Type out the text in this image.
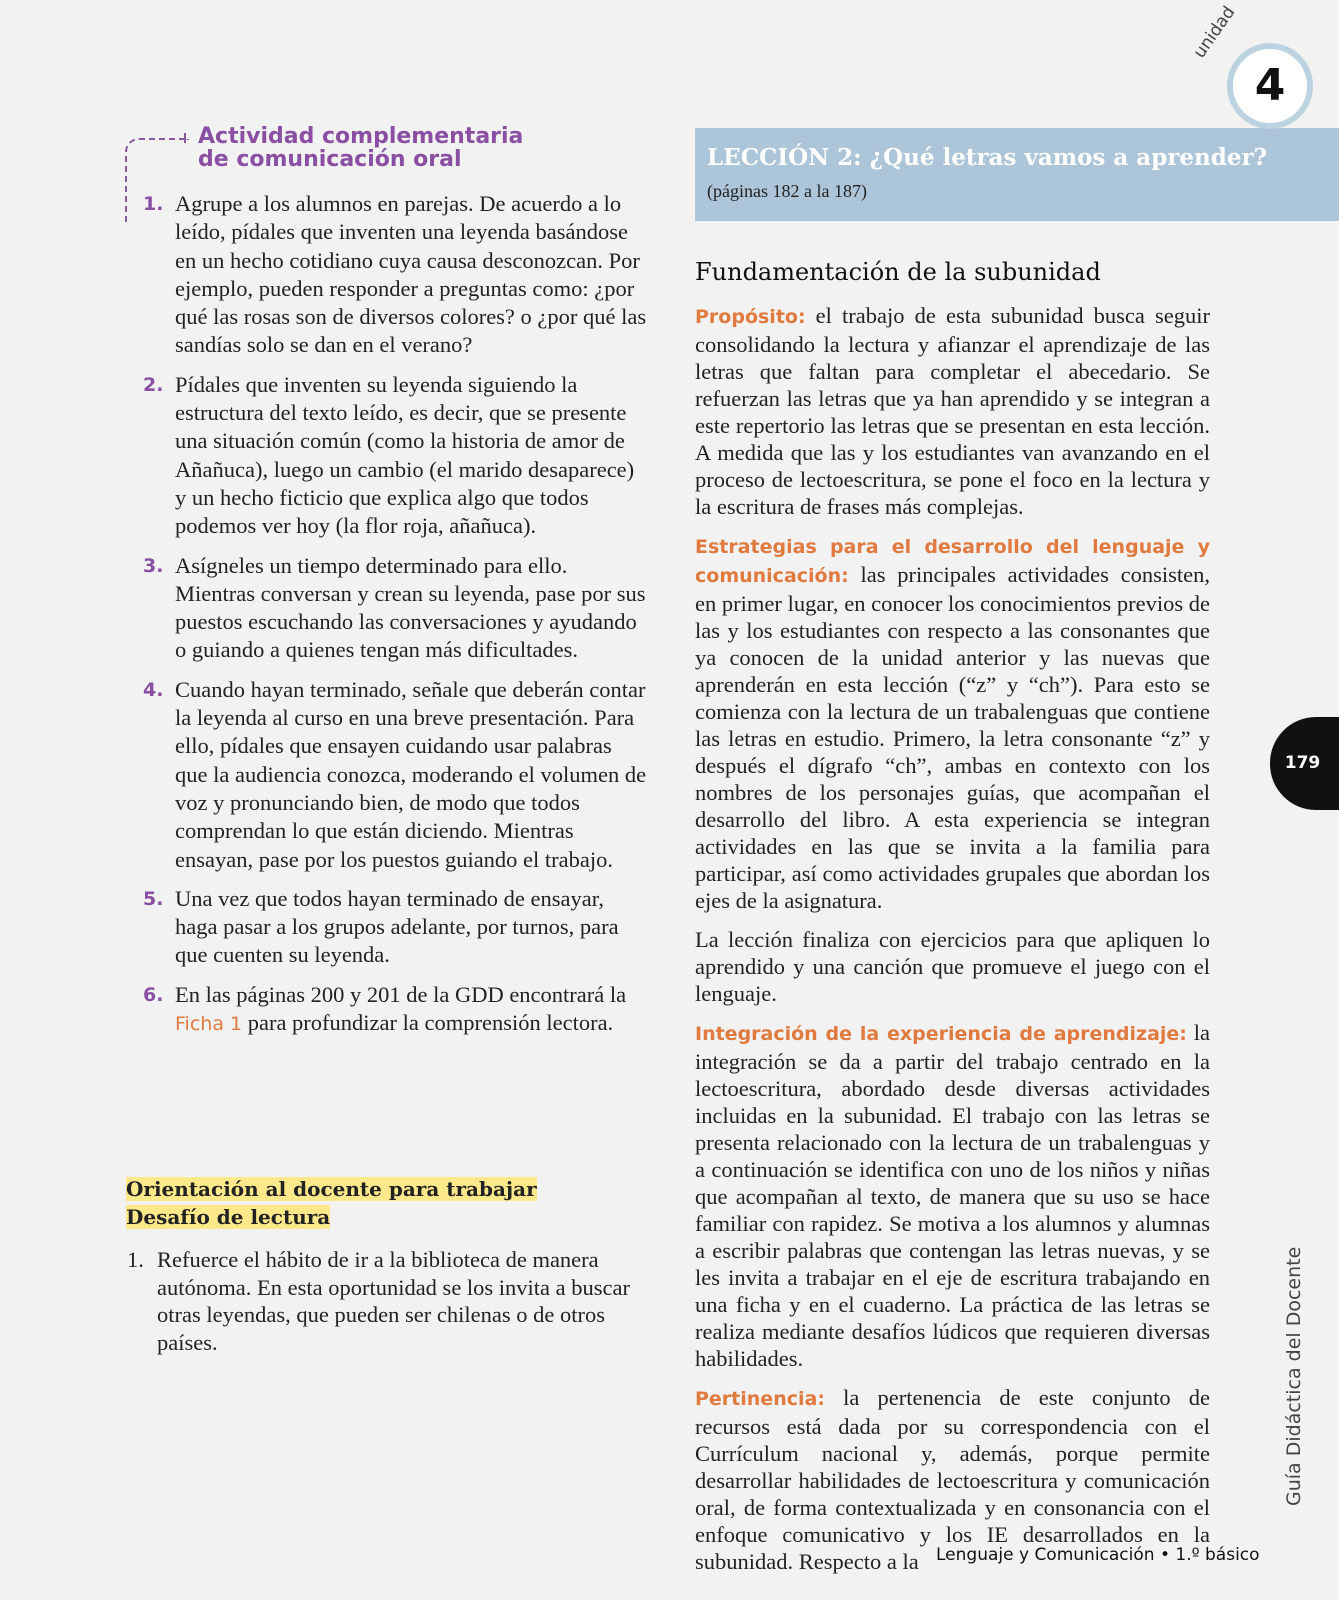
Actividad complementaria de comunicación oral
1. Agrupe a los alumnos en parejas. De acuerdo a lo leído, pídales que inventen una leyenda basándose en un hecho cotidiano cuya causa desconozcan. Por ejemplo, pueden responder a preguntas como: ¿por qué las rosas son de diversos colores? o ¿por qué las sandías solo se dan en el verano?
2. Pídales que inventen su leyenda siguiendo la estructura del texto leído, es decir, que se presente una situación común (como la historia de amor de Añañuca), luego un cambio (el marido desaparece) y un hecho ficticio que explica algo que todos podemos ver hoy (la flor roja, añañuca).
3. Asígneles un tiempo determinado para ello. Mientras conversan y crean su leyenda, pase por sus puestos escuchando las conversaciones y ayudando o guiando a quienes tengan más dificultades.
4. Cuando hayan terminado, señale que deberán contar la leyenda al curso en una breve presentación. Para ello, pídales que ensayen cuidando usar palabras que la audiencia conozca, moderando el volumen de voz y pronunciando bien, de modo que todos comprendan lo que están diciendo. Mientras ensayan, pase por los puestos guiando el trabajo.
5. Una vez que todos hayan terminado de ensayar, haga pasar a los grupos adelante, por turnos, para que cuenten su leyenda.
6. En las páginas 200 y 201 de la GDD encontrará la Ficha 1 para profundizar la comprensión lectora.
Orientación al docente para trabajar Desafío de lectura
1. Refuerce el hábito de ir a la biblioteca de manera autónoma. En esta oportunidad se los invita a buscar otras leyendas, que pueden ser chilenas o de otros países.
LECCIÓN 2: ¿Qué letras vamos a aprender?
(páginas 182 a la 187)
Fundamentación de la subunidad

Propósito: el trabajo de esta subunidad busca seguir consolidando la lectura y afianzar el aprendizaje de las letras que faltan para completar el abecedario. Se refuerzan las letras que ya han aprendido y se integran a este repertorio las letras que se presentan en esta lección. A medida que las y los estudiantes van avanzando en el proceso de lectoescritura, se pone el foco en la lectura y la escritura de frases más complejas.

Estrategias para el desarrollo del lenguaje y comunicación: las principales actividades consisten, en primer lugar, en conocer los conocimientos previos de las y los estudiantes con respecto a las consonantes que ya conocen de la unidad anterior y las nuevas que aprenderán en esta lección (“z” y “ch”). Para esto se comienza con la lectura de un trabalenguas que contiene las letras en estudio. Primero, la letra consonante “z” y después el dígrafo “ch”, ambas en contexto con los nombres de los personajes guías, que acompañan el desarrollo del libro. A esta experiencia se integran actividades en las que se invita a la familia para participar, así como actividades grupales que abordan los ejes de la asignatura.

La lección finaliza con ejercicios para que apliquen lo aprendido y una canción que promueve el juego con el lenguaje.

Integración de la experiencia de aprendizaje: la integración se da a partir del trabajo centrado en la lectoescritura, abordado desde diversas actividades incluidas en la subunidad. El trabajo con las letras se presenta relacionado con la lectura de un trabalenguas y a continuación se identifica con uno de los niños y niñas que acompañan al texto, de manera que su uso se hace familiar con rapidez. Se motiva a los alumnos y alumnas a escribir palabras que contengan las letras nuevas, y se les invita a trabajar en el eje de escritura trabajando en una ficha y en el cuaderno. La práctica de las letras se realiza mediante desafíos lúdicos que requieren diversas habilidades.

Pertinencia: la pertenencia de este conjunto de recursos está dada por su correspondencia con el Currículum nacional y, además, porque permite desarrollar habilidades de lectoescritura y comunicación oral, de forma contextualizada y en consonancia con el enfoque comunicativo y los IE desarrollados en la subunidad. Respecto a la

4
unidad
179
Guía Didáctica del Docente
Lenguaje y Comunicación • 1.º básico
